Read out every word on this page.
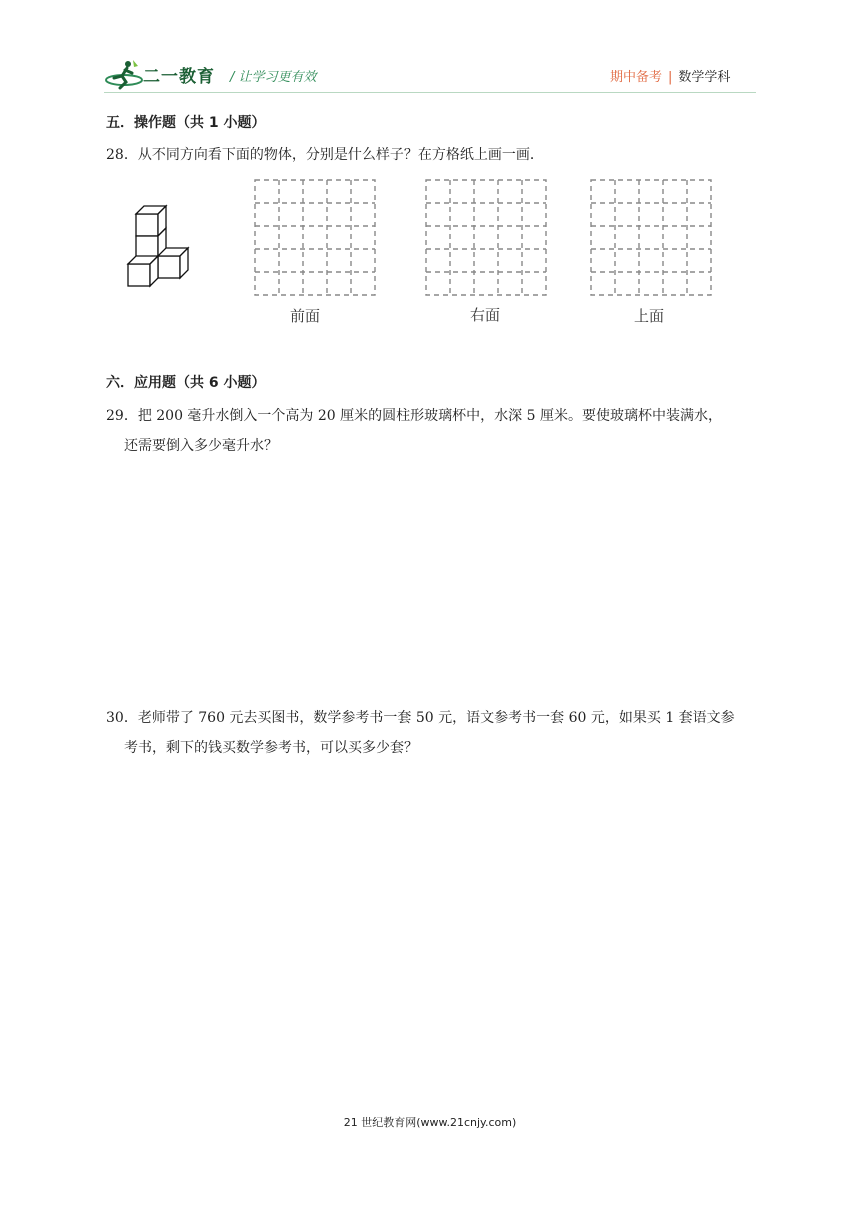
二一教育 / 让学习更有效	期中备考 | 数学学科
五．操作题（共 1 小题）
28．从不同方向看下面的物体，分别是什么样子？在方格纸上画一画．
前面	右面	上面
六．应用题（共 6 小题）
29．把 200 毫升水倒入一个高为 20 厘米的圆柱形玻璃杯中，水深 5 厘米。要使玻璃杯中装满水，
还需要倒入多少毫升水？
30．老师带了 760 元去买图书，数学参考书一套 50 元，语文参考书一套 60 元，如果买 1 套语文参
考书，剩下的钱买数学参考书，可以买多少套？
21 世纪教育网(www.21cnjy.com)
